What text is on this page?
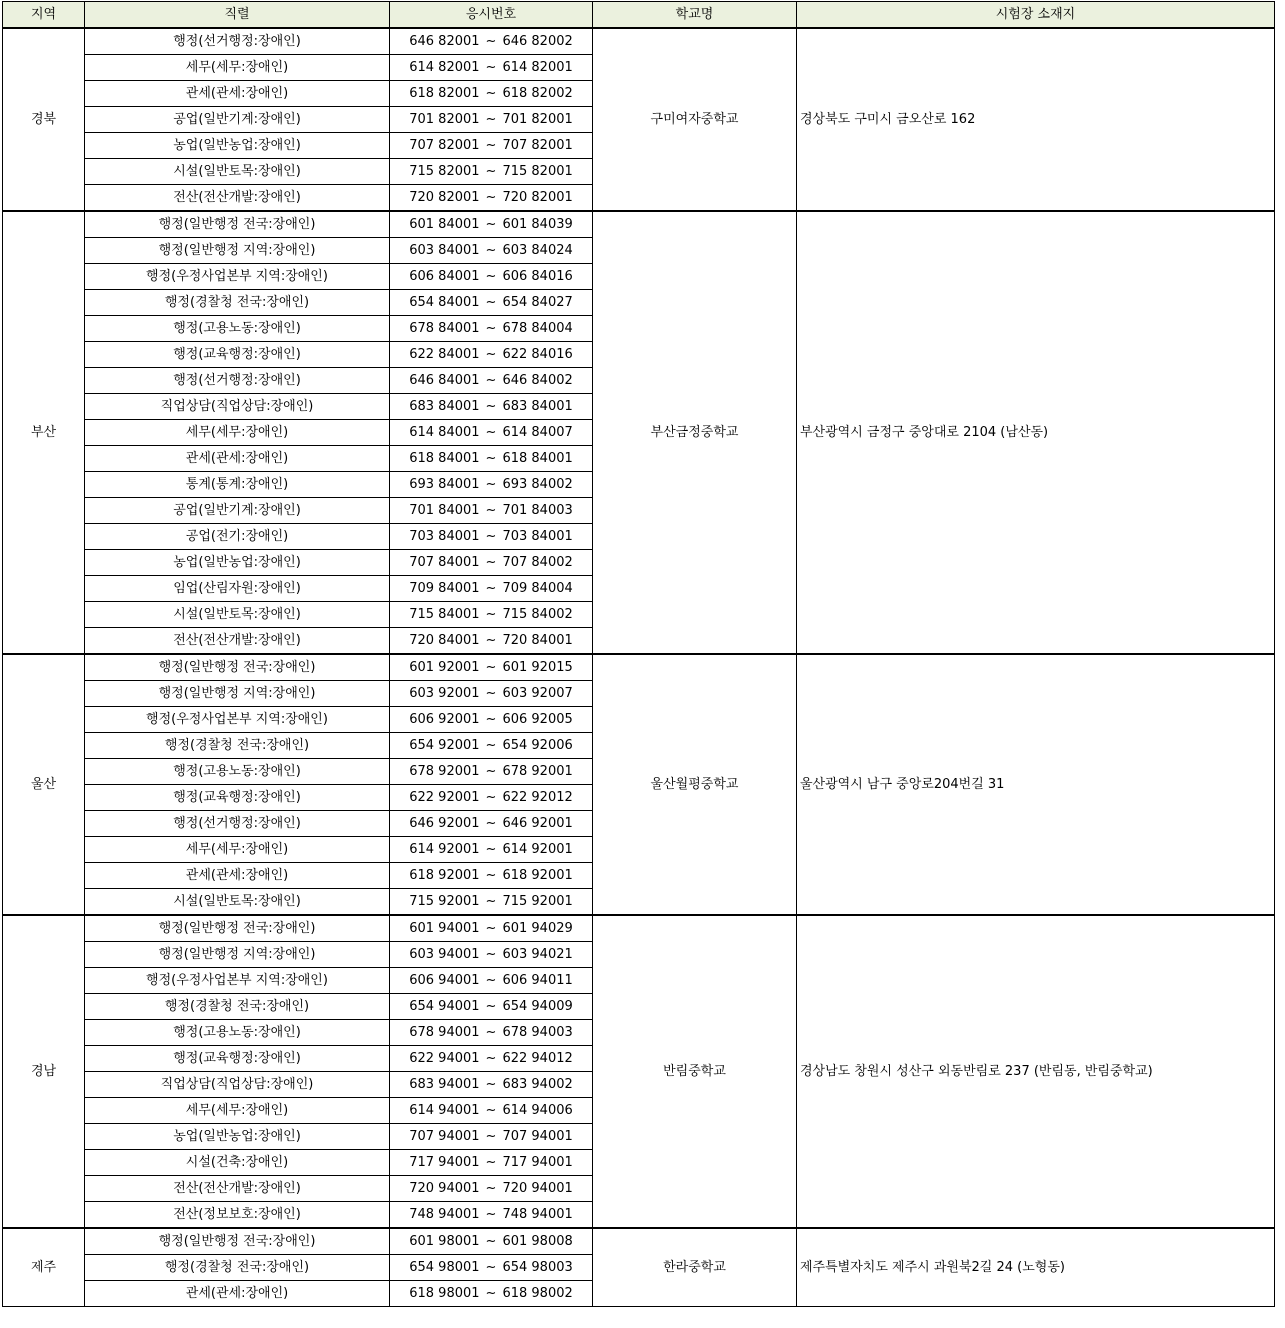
지역	직렬	응시번호	학교명	시험장 소재지
경북	행정(선거행정:장애인)	646 82001 ~ 646 82002	구미여자중학교	경상북도 구미시 금오산로 162
	세무(세무:장애인)	614 82001 ~ 614 82001		
	관세(관세:장애인)	618 82001 ~ 618 82002		
	공업(일반기계:장애인)	701 82001 ~ 701 82001		
	농업(일반농업:장애인)	707 82001 ~ 707 82001		
	시설(일반토목:장애인)	715 82001 ~ 715 82001		
	전산(전산개발:장애인)	720 82001 ~ 720 82001		
부산	행정(일반행정 전국:장애인)	601 84001 ~ 601 84039	부산금정중학교	부산광역시 금정구 중앙대로 2104 (남산동)
	행정(일반행정 지역:장애인)	603 84001 ~ 603 84024		
	행정(우정사업본부 지역:장애인)	606 84001 ~ 606 84016		
	행정(경찰청 전국:장애인)	654 84001 ~ 654 84027		
	행정(고용노동:장애인)	678 84001 ~ 678 84004		
	행정(교육행정:장애인)	622 84001 ~ 622 84016		
	행정(선거행정:장애인)	646 84001 ~ 646 84002		
	직업상담(직업상담:장애인)	683 84001 ~ 683 84001		
	세무(세무:장애인)	614 84001 ~ 614 84007		
	관세(관세:장애인)	618 84001 ~ 618 84001		
	통계(통계:장애인)	693 84001 ~ 693 84002		
	공업(일반기계:장애인)	701 84001 ~ 701 84003		
	공업(전기:장애인)	703 84001 ~ 703 84001		
	농업(일반농업:장애인)	707 84001 ~ 707 84002		
	임업(산림자원:장애인)	709 84001 ~ 709 84004		
	시설(일반토목:장애인)	715 84001 ~ 715 84002		
	전산(전산개발:장애인)	720 84001 ~ 720 84001		
울산	행정(일반행정 전국:장애인)	601 92001 ~ 601 92015	울산월평중학교	울산광역시 남구 중앙로204번길 31
	행정(일반행정 지역:장애인)	603 92001 ~ 603 92007		
	행정(우정사업본부 지역:장애인)	606 92001 ~ 606 92005		
	행정(경찰청 전국:장애인)	654 92001 ~ 654 92006		
	행정(고용노동:장애인)	678 92001 ~ 678 92001		
	행정(교육행정:장애인)	622 92001 ~ 622 92012		
	행정(선거행정:장애인)	646 92001 ~ 646 92001		
	세무(세무:장애인)	614 92001 ~ 614 92001		
	관세(관세:장애인)	618 92001 ~ 618 92001		
	시설(일반토목:장애인)	715 92001 ~ 715 92001		
경남	행정(일반행정 전국:장애인)	601 94001 ~ 601 94029	반림중학교	경상남도 창원시 성산구 외동반림로 237 (반림동, 반림중학교)
	행정(일반행정 지역:장애인)	603 94001 ~ 603 94021		
	행정(우정사업본부 지역:장애인)	606 94001 ~ 606 94011		
	행정(경찰청 전국:장애인)	654 94001 ~ 654 94009		
	행정(고용노동:장애인)	678 94001 ~ 678 94003		
	행정(교육행정:장애인)	622 94001 ~ 622 94012		
	직업상담(직업상담:장애인)	683 94001 ~ 683 94002		
	세무(세무:장애인)	614 94001 ~ 614 94006		
	농업(일반농업:장애인)	707 94001 ~ 707 94001		
	시설(건축:장애인)	717 94001 ~ 717 94001		
	전산(전산개발:장애인)	720 94001 ~ 720 94001		
	전산(정보보호:장애인)	748 94001 ~ 748 94001		
제주	행정(일반행정 전국:장애인)	601 98001 ~ 601 98008	한라중학교	제주특별자치도 제주시 과원북2길 24 (노형동)
	행정(경찰청 전국:장애인)	654 98001 ~ 654 98003		
	관세(관세:장애인)	618 98001 ~ 618 98002		
